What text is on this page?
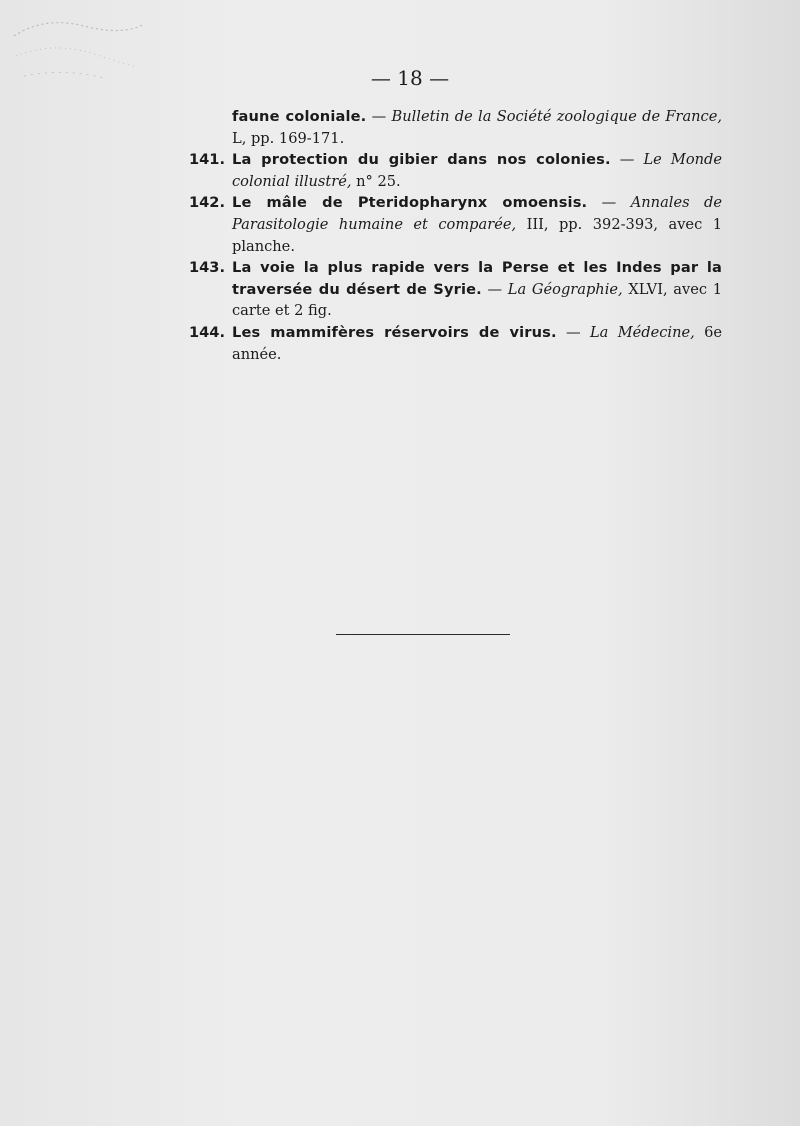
— 18 —
faune coloniale. — Bulletin de la Société zoologique de France, L, pp. 169-171.
141. La protection du gibier dans nos colonies. — Le Monde colonial illustré, n° 25.
142. Le mâle de Pteridopharynx omoensis. — Annales de Parasitologie humaine et comparée, III, pp. 392-393, avec 1 planche.
143. La voie la plus rapide vers la Perse et les Indes par la traversée du désert de Syrie. — La Géographie, XLVI, avec 1 carte et 2 fig.
144. Les mammifères réservoirs de virus. — La Médecine, 6e année.
